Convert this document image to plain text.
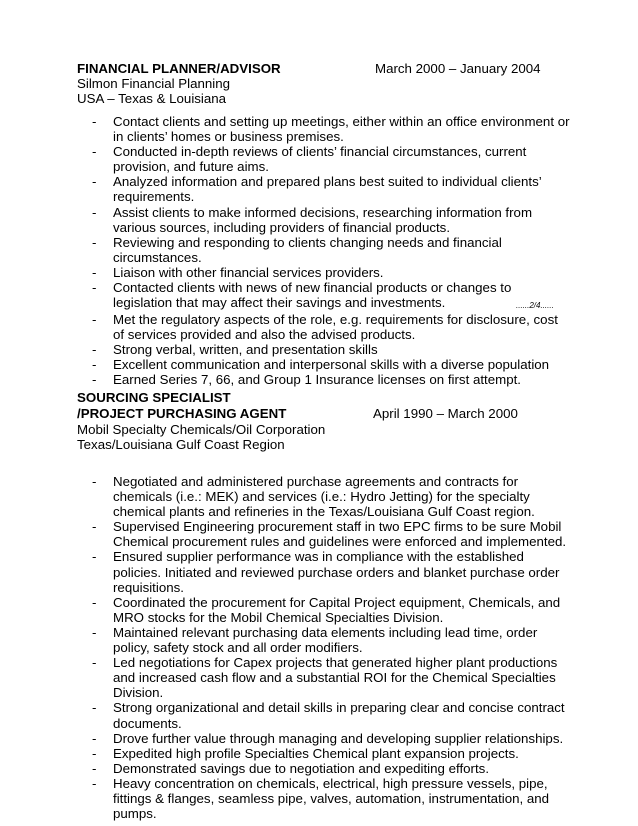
FINANCIAL PLANNER/ADVISOR	March 2000 – January 2004
Silmon Financial Planning
USA – Texas & Louisiana
- Contact clients and setting up meetings, either within an office environment or in clients’ homes or business premises.
- Conducted in-depth reviews of clients’ financial circumstances, current provision, and future aims.
- Analyzed information and prepared plans best suited to individual clients’ requirements.
- Assist clients to make informed decisions, researching information from various sources, including providers of financial products.
- Reviewing and responding to clients changing needs and financial circumstances.
- Liaison with other financial services providers.
- Contacted clients with news of new financial products or changes to legislation that may affect their savings and investments.	......2/4......
- Met the regulatory aspects of the role, e.g. requirements for disclosure, cost of services provided and also the advised products.
- Strong verbal, written, and presentation skills
- Excellent communication and interpersonal skills with a diverse population
- Earned Series 7, 66, and Group 1 Insurance licenses on first attempt.
SOURCING SPECIALIST
/PROJECT PURCHASING AGENT	April 1990 – March 2000
Mobil Specialty Chemicals/Oil Corporation
Texas/Louisiana Gulf Coast Region
- Negotiated and administered purchase agreements and contracts for chemicals (i.e.: MEK) and services (i.e.: Hydro Jetting) for the specialty chemical plants and refineries in the Texas/Louisiana Gulf Coast region.
- Supervised Engineering procurement staff in two EPC firms to be sure Mobil Chemical procurement rules and guidelines were enforced and implemented.
- Ensured supplier performance was in compliance with the established policies. Initiated and reviewed purchase orders and blanket purchase order requisitions.
- Coordinated the procurement for Capital Project equipment, Chemicals, and MRO stocks for the Mobil Chemical Specialties Division.
- Maintained relevant purchasing data elements including lead time, order policy, safety stock and all order modifiers.
- Led negotiations for Capex projects that generated higher plant productions and increased cash flow and a substantial ROI for the Chemical Specialties Division.
- Strong organizational and detail skills in preparing clear and concise contract documents.
- Drove further value through managing and developing supplier relationships.
- Expedited high profile Specialties Chemical plant expansion projects.
- Demonstrated savings due to negotiation and expediting efforts.
- Heavy concentration on chemicals, electrical, high pressure vessels, pipe, fittings & flanges, seamless pipe, valves, automation, instrumentation, and pumps.
